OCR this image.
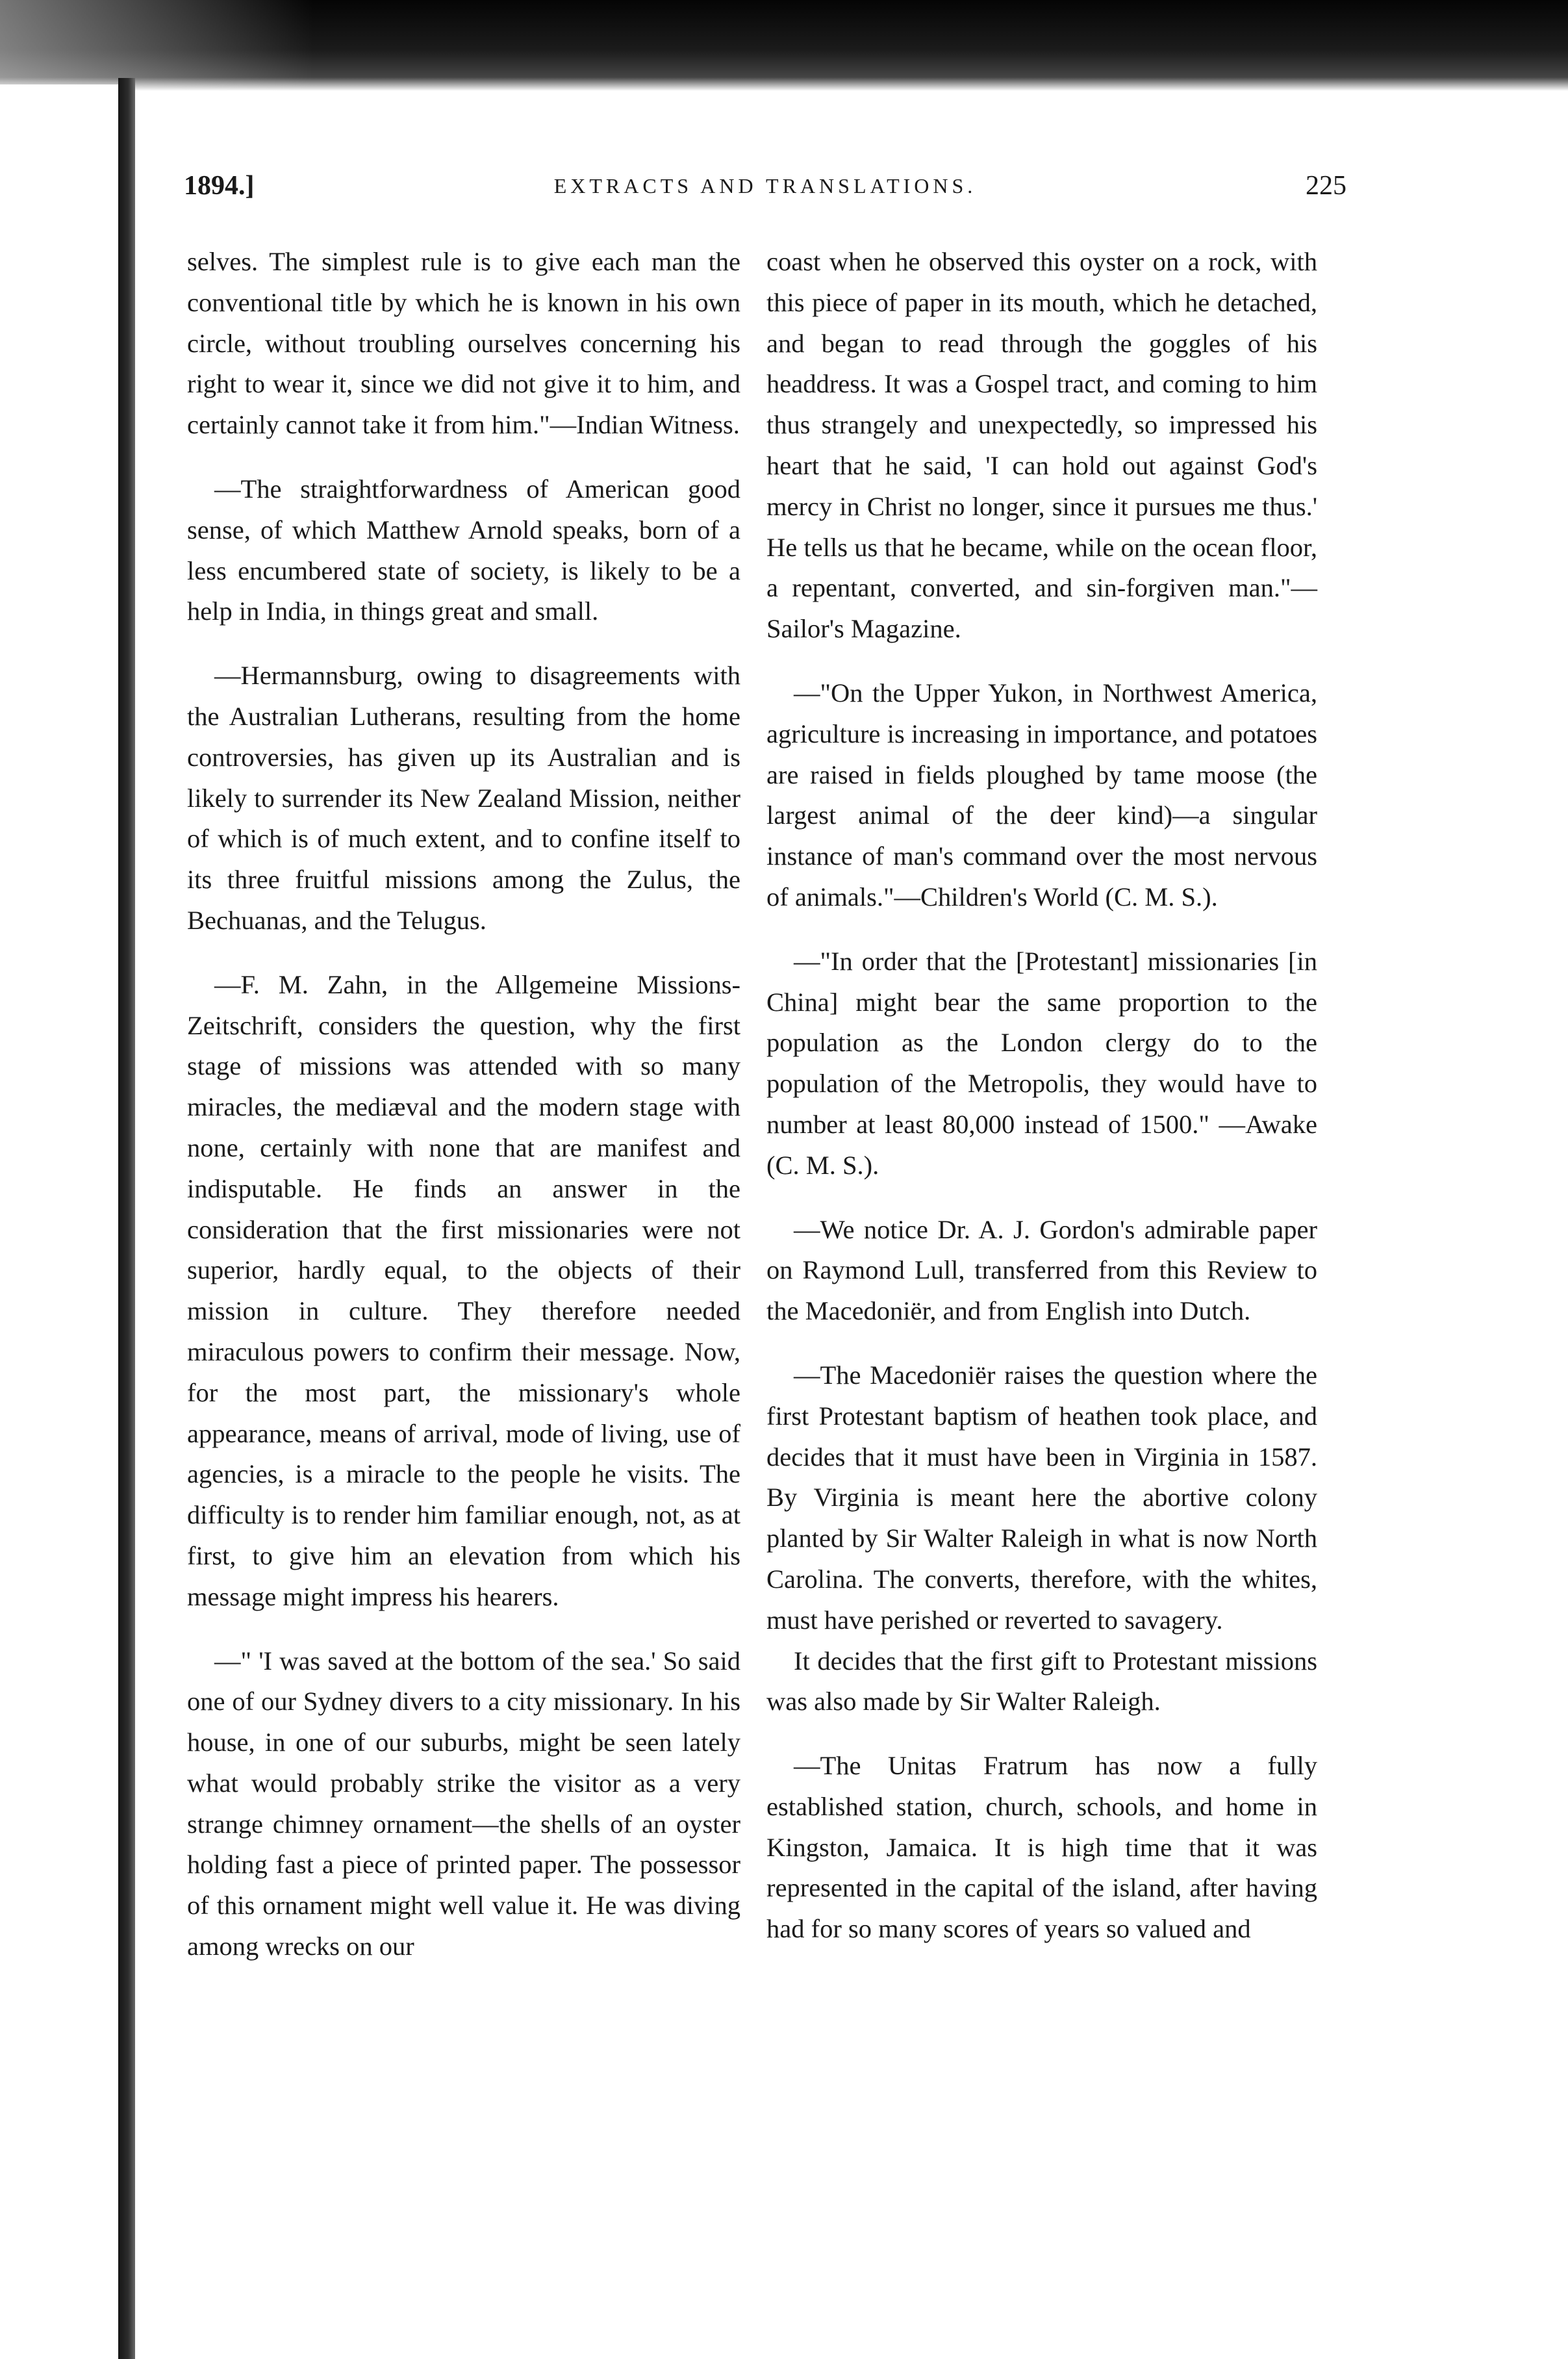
1894.]	EXTRACTS AND TRANSLATIONS.	225

selves. The simplest rule is to give each man the conventional title by which he is known in his own circle, without troubling ourselves concerning his right to wear it, since we did not give it to him, and certainly cannot take it from him."—Indian Witness.

—The straightforwardness of American good sense, of which Matthew Arnold speaks, born of a less encumbered state of society, is likely to be a help in India, in things great and small.

—Hermannsburg, owing to disagreements with the Australian Lutherans, resulting from the home controversies, has given up its Australian and is likely to surrender its New Zealand Mission, neither of which is of much extent, and to confine itself to its three fruitful missions among the Zulus, the Bechuanas, and the Telugus.

—F. M. Zahn, in the Allgemeine Missions-Zeitschrift, considers the question, why the first stage of missions was attended with so many miracles, the mediæval and the modern stage with none, certainly with none that are manifest and indisputable. He finds an answer in the consideration that the first missionaries were not superior, hardly equal, to the objects of their mission in culture. They therefore needed miraculous powers to confirm their message. Now, for the most part, the missionary's whole appearance, means of arrival, mode of living, use of agencies, is a miracle to the people he visits. The difficulty is to render him familiar enough, not, as at first, to give him an elevation from which his message might impress his hearers.

—" 'I was saved at the bottom of the sea.' So said one of our Sydney divers to a city missionary. In his house, in one of our suburbs, might be seen lately what would probably strike the visitor as a very strange chimney ornament—the shells of an oyster holding fast a piece of printed paper. The possessor of this ornament might well value it. He was diving among wrecks on our

coast when he observed this oyster on a rock, with this piece of paper in its mouth, which he detached, and began to read through the goggles of his headdress. It was a Gospel tract, and coming to him thus strangely and unexpectedly, so impressed his heart that he said, 'I can hold out against God's mercy in Christ no longer, since it pursues me thus.' He tells us that he became, while on the ocean floor, a repentant, converted, and sin-forgiven man."—Sailor's Magazine.

—"On the Upper Yukon, in Northwest America, agriculture is increasing in importance, and potatoes are raised in fields ploughed by tame moose (the largest animal of the deer kind)—a singular instance of man's command over the most nervous of animals."—Children's World (C. M. S.).

—"In order that the [Protestant] missionaries [in China] might bear the same proportion to the population as the London clergy do to the population of the Metropolis, they would have to number at least 80,000 instead of 1500." —Awake (C. M. S.).

—We notice Dr. A. J. Gordon's admirable paper on Raymond Lull, transferred from this Review to the Macedoniër, and from English into Dutch.

—The Macedoniër raises the question where the first Protestant baptism of heathen took place, and decides that it must have been in Virginia in 1587. By Virginia is meant here the abortive colony planted by Sir Walter Raleigh in what is now North Carolina. The converts, therefore, with the whites, must have perished or reverted to savagery.

It decides that the first gift to Protestant missions was also made by Sir Walter Raleigh.

—The Unitas Fratrum has now a fully established station, church, schools, and home in Kingston, Jamaica. It is high time that it was represented in the capital of the island, after having had for so many scores of years so valued and
